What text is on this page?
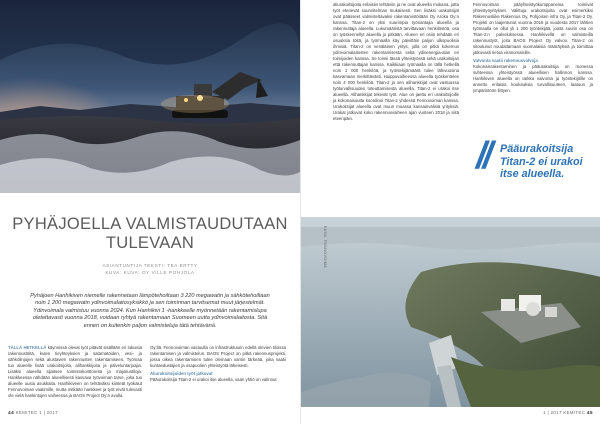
PYHÄJOELLA VALMISTAUDUTAAN TULEVAAN
ASIANTUNTIJA TEKSTI: TEA ERTTY
KUVA: KUVA: OY VILLE POHJOLA
Pyhäjoen Hanhikiven niemelle rakennetaan lämpötehoiltaan 3 220 megawatin ja sähkötehoiltaan noin 1 200 megawatin ydinvoimalaitosyksikkö ja sen toiminnan tarvitsemat muut järjestelmät. Ydinvoimala valmistuu vuonna 2024. Kun Hanhikivi 1 -hankkeelle myönnetään rakentamislupa oletettavasti vuonna 2018, voidaan ryhtyä rakentamaan Suomeen uutta ydinvoimalaitosta. Sitä ennen on kuitenkin paljon valmisteluja tätä tehtävänä.
TÄLLÄ HETKELLÄ käynnissä olevat työt pitävät sisällään eri lukuisia rakennustöitä, kuten tieyhteyksien ja satamatöiden, vesi- ja sähkölinjojen sekä alustavien rakennusten rakentamiseen. Työmaa tuo alueelle lisää urakoitsijoita, alihankkijoita ja palveluntarjoajia. Lisäksi alueella sijaitsee toimistokonttoreita ja majoitustiloja. Hankkeessa nähdään alueellisesti kasvava työvoiman tarve, joka tuo alueelle uusia asukkaita. Hanhikiveen on tehtäväksi kiinteät työkalut Fennovoiman vaatimille, mutta mitkään hankkeet ja työt eivät tulevasti ole vielä hankintojen vaiheessa ja BAOS Project Oy:n avulla.
Oy:llä. Fennovoiman vastuulla on infrastruktuurin edellä olevien tiloissa rakentamisen ja valmistelun. BAOS Project on pitkä rakennusprojekti, jossa oikea rakentaminen tulee olemaan varsin tärkeää, joka vaatii kuntaedustajien ja osapuolien yhteistyötä läheisesti.
Aliurakoitsijoiden työt jatkuvat
Pääurakoitsija Titan-2 ei urakoi itse alueella, vaan yhtiö on valinnut
44 KEMITEC 1 | 2017
aliurakoitsijoita erilaisiin tehtäviin ja ne ovat alueella mukana, jotta työt etenevät suunnitelman mukaisesti. Sen lisäksi urakoitsijat ovat päässeet valmisteltavaksi rakentamistöitään Oy Aroka Oy:n kanssa. Titan-2 on yksi suurimpia työnantajia alueella ja rakennuttaja alueella. Lukumääristä tarvittavaan henkilöstöä, osa on työskennellyt alueella jo pitkään. Alueen eri osiin tehdään eri osuuksia töitä, ja työmaalla käy päivittäin paljon ulkopuolisia ihmisiä. Titan-2 on venäläinen yritys, jolla on pitkä kokemus ydinvoimalaitosten rakentamisesta sekä ydinenergia-alan eri toimijoiden kanssa. Se toimii tässä yhteistyössä sekä urakoitsijan että rakennuttajan kanssa. Kaikkiaan työmaalla on tällä hetkellä noin 1 000 henkilöä, ja työntekijämäärä tulee lähivuosina kasvamaan merkittävästi. Huippuvaiheessa alueella työskentelee noin 4 000 henkilöä. Titan-2 ja sen alihankkijat ovat vastuussa työturvallisuuden toteuttamisesta alueella. Titan-2 ei urakoi itse alueella. Alihankkijat tekevät työt. Alue on jaettu eri urakoitsijoille ja kokonaisuutta koordinoi Titan-2 yhdessä Fennovoiman kanssa. Urakoitsijat alueella ovat muun muassa kansainvälisiä yrityksiä. Urakat jatkuvat koko rakennusvaiheen ajan vuoteen 2018 ja siitä eteenpäin.
Fennovoiman pääyhteistyökumppaneina toimivat yhteistyöyritykset. Valittuja urakoitsijoita ovat esimerkiksi Rakennusliike Rakennus Oy, Pohjoisen infra Oy, ja Titan-2 Oy. Projekti on laajentunut vuonna 2016 ja vuodesta 2017 lähtien työmaalla on ollut yli 1 200 työntekijää, joista suurin osa on Titan-2:n palveluksessa. Hanhikivellä on valmisteilla rakennustyöt, joita BAOS Project Oy valvoo. Titan-2 on sitoutunut noudattamaan suomalaisia määräyksiä ja toimittaa jatkuvasti tietoa viranomaisille.
Valvonta vaatii rakennusvalvoja
Kokonaisrakentaminen ja pääurakoitsija on monessa suhteessa yhteistyössä alueellisen hallinnon kanssa. Hanhikiven alueella on tarkka valvonta ja työntekijöille on annettu erilaisia koulutuksia turvallisuuteen, laatuun ja ympäristöön liittyen.
//	Pääurakoitsija Titan-2 ei urakoi itse alueella.
KUVA: FENNOVOIMA
1 | 2017 KEMITEC 45
